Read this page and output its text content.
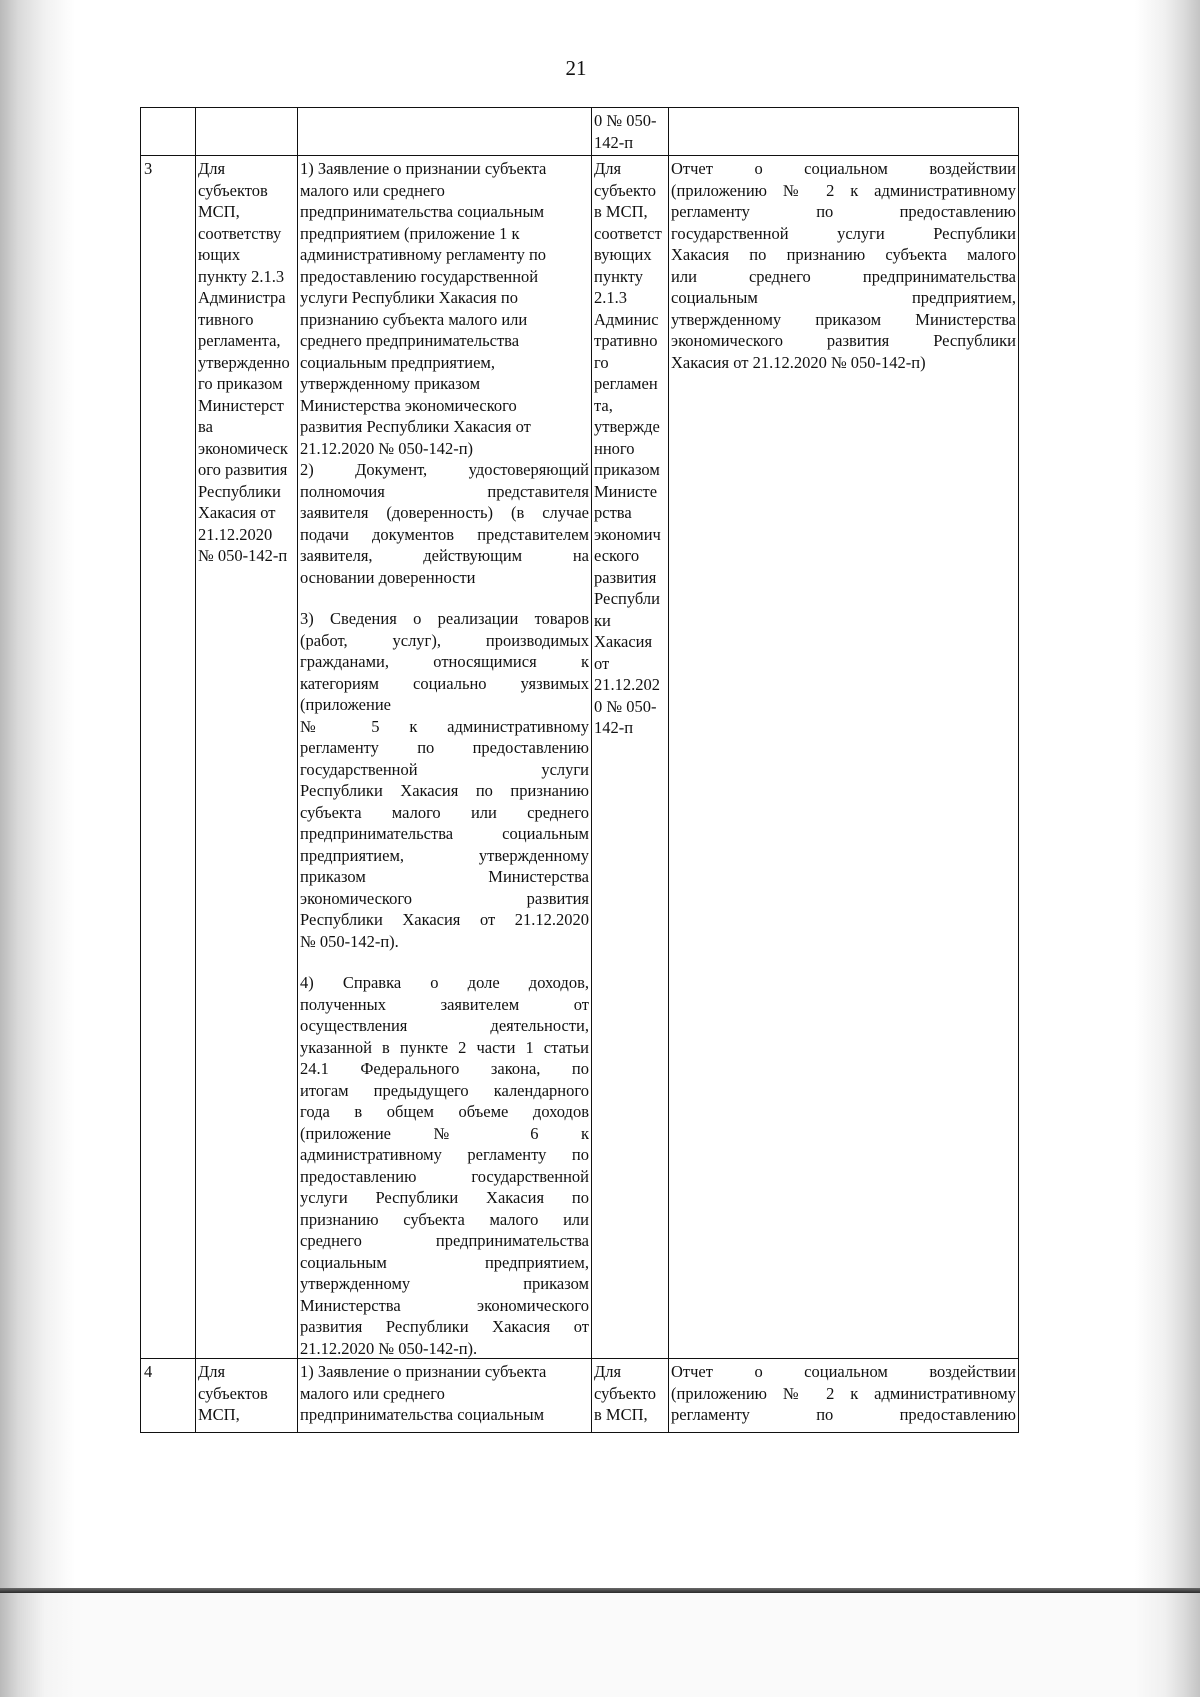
21
0 № 050-
142-п
3	Для
субъектов
МСП,
соответству
ющих
пункту 2.1.3
Администра
тивного
регламента,
утвержденно
го приказом
Министерст
ва
экономическ
ого развития
Республики
Хакасия от
21.12.2020
№ 050-142-п
1) Заявление о признании субъекта
малого или среднего
предпринимательства социальным
предприятием (приложение 1 к
административному регламенту по
предоставлению государственной
услуги Республики Хакасия по
признанию субъекта малого или
среднего предпринимательства
социальным предприятием,
утвержденному приказом
Министерства экономического
развития Республики Хакасия от
21.12.2020 № 050-142-п)
2) Документ, удостоверяющий
полномочия представителя
заявителя (доверенность) (в случае
подачи документов представителем
заявителя, действующим на
основании доверенности
3) Сведения о реализации товаров
(работ, услуг), производимых
гражданами, относящимися к
категориям социально уязвимых
(приложение
№ 5 к административному
регламенту по предоставлению
государственной услуги
Республики Хакасия по признанию
субъекта малого или среднего
предпринимательства социальным
предприятием, утвержденному
приказом Министерства
экономического развития
Республики Хакасия от 21.12.2020
№ 050-142-п).
4) Справка о доле доходов,
полученных заявителем от
осуществления деятельности,
указанной в пункте 2 части 1 статьи
24.1 Федерального закона, по
итогам предыдущего календарного
года в общем объеме доходов
(приложение № 6 к
административному регламенту по
предоставлению государственной
услуги Республики Хакасия по
признанию субъекта малого или
среднего предпринимательства
социальным предприятием,
утвержденному приказом
Министерства экономического
развития Республики Хакасия от
21.12.2020 № 050-142-п).
Для
субъекто
в МСП,
соответст
вующих
пункту
2.1.3
Админис
тративно
го
регламен
та,
утвержде
нного
приказом
Министе
рства
экономич
еского
развития
Республи
ки
Хакасия
от
21.12.202
0 № 050-
142-п
Отчет о социальном воздействии
(приложению № 2 к административному
регламенту по предоставлению
государственной услуги Республики
Хакасия по признанию субъекта малого
или среднего предпринимательства
социальным предприятием,
утвержденному приказом Министерства
экономического развития Республики
Хакасия от 21.12.2020 № 050-142-п)
4	Для
субъектов
МСП,
1) Заявление о признании субъекта
малого или среднего
предпринимательства социальным
Для
субъекто
в МСП,
Отчет о социальном воздействии
(приложению № 2 к административному
регламенту по предоставлению
